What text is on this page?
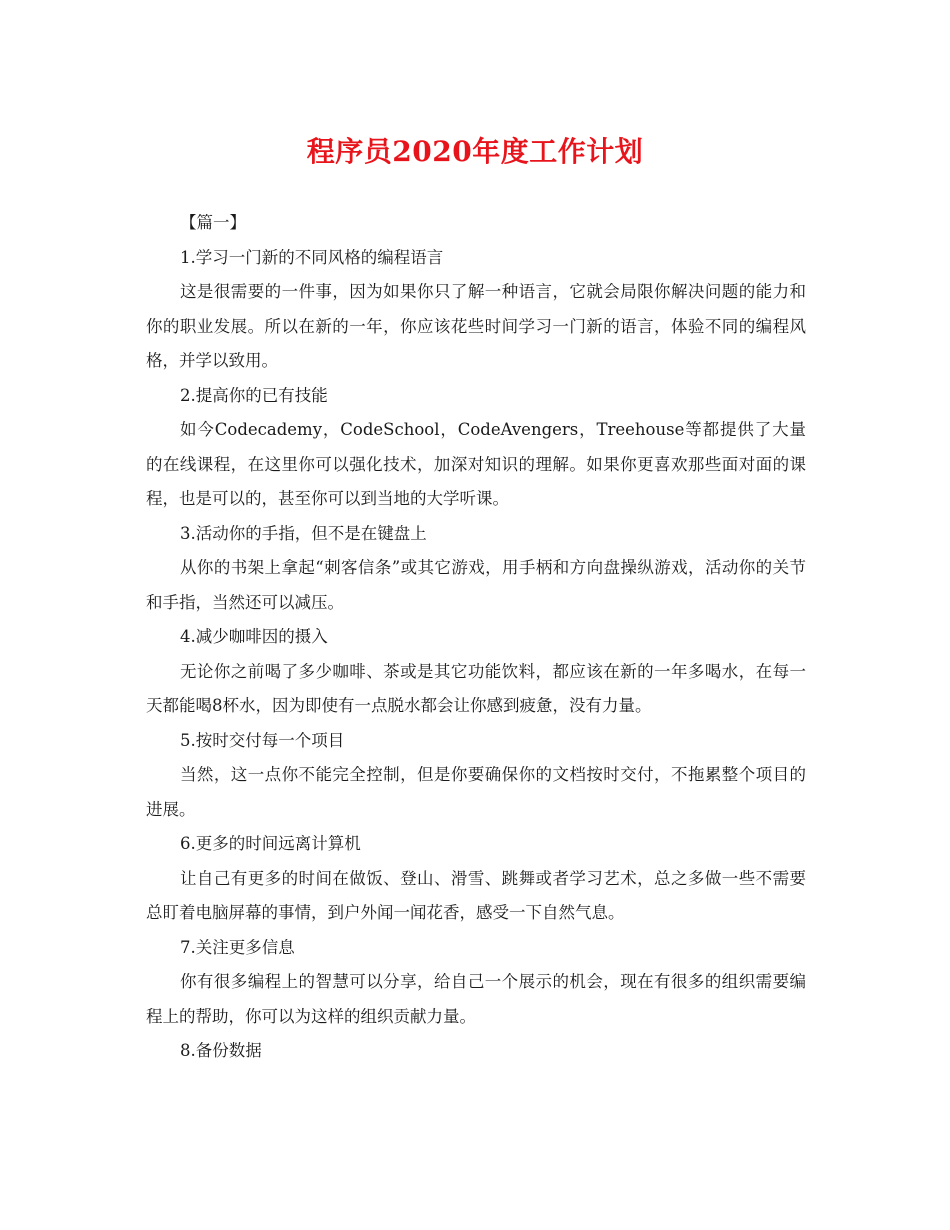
程序员2020年度工作计划

【篇一】

1.学习一门新的不同风格的编程语言

这是很需要的一件事，因为如果你只了解一种语言，它就会局限你解决问题的能力和你的职业发展。所以在新的一年，你应该花些时间学习一门新的语言，体验不同的编程风格，并学以致用。

2.提高你的已有技能

如今Codecademy，CodeSchool，CodeAvengers，Treehouse等都提供了大量的在线课程，在这里你可以强化技术，加深对知识的理解。如果你更喜欢那些面对面的课程，也是可以的，甚至你可以到当地的大学听课。

3.活动你的手指，但不是在键盘上

从你的书架上拿起“刺客信条”或其它游戏，用手柄和方向盘操纵游戏，活动你的关节和手指，当然还可以减压。

4.减少咖啡因的摄入

无论你之前喝了多少咖啡、茶或是其它功能饮料，都应该在新的一年多喝水，在每一天都能喝8杯水，因为即使有一点脱水都会让你感到疲惫，没有力量。

5.按时交付每一个项目

当然，这一点你不能完全控制，但是你要确保你的文档按时交付，不拖累整个项目的进展。

6.更多的时间远离计算机

让自己有更多的时间在做饭、登山、滑雪、跳舞或者学习艺术，总之多做一些不需要总盯着电脑屏幕的事情，到户外闻一闻花香，感受一下自然气息。

7.关注更多信息

你有很多编程上的智慧可以分享，给自己一个展示的机会，现在有很多的组织需要编程上的帮助，你可以为这样的组织贡献力量。

8.备份数据
